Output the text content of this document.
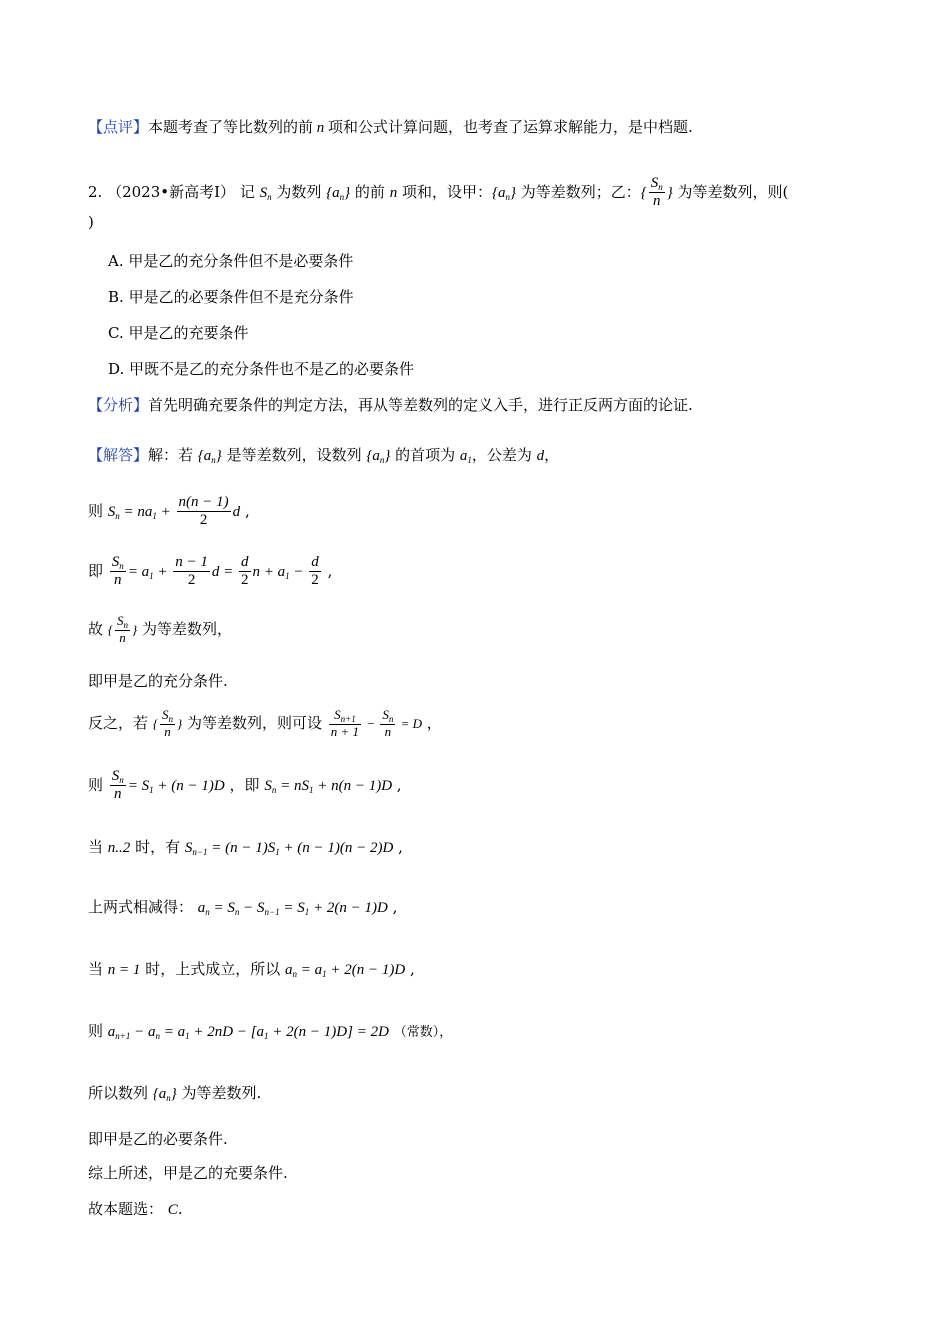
【点评】本题考查了等比数列的前 n 项和公式计算问题，也考查了运算求解能力，是中档题.
2. （2023•新高考Ⅰ） 记 $S_n$ 为数列 $\{a_n\}$ 的前 n 项和，设甲：$\{a_n\}$ 为等差数列；乙：{ $\frac{S_n}{n}$ } 为等差数列，则(
)
A. 甲是乙的充分条件但不是必要条件
B. 甲是乙的必要条件但不是充分条件
C. 甲是乙的充要条件
D. 甲既不是乙的充分条件也不是乙的必要条件
【分析】首先明确充要条件的判定方法，再从等差数列的定义入手，进行正反两方面的论证.
【解答】解：若 $\{a_n\}$ 是等差数列，设数列 $\{a_n\}$ 的首项为 $a_1$，公差为 d，
则 $S_n = na_1 + \frac{n(n - 1)}{2}$ d ,
即 $\frac{S_n}{n} = a_1 + \frac{n - 1}{2}$ $d = \frac{d}{2}$ $n + a_1 - \frac{d}{2}$ ,
故 { $\frac{S_n}{n}$ } 为等差数列，
即甲是乙的充分条件.
反之，若 { $\frac{S_n}{n}$ } 为等差数列，则可设 $\frac{S_{n+1}}{n + 1} - \frac{S_n}{n} = D$ ，
则 $\frac{S_n}{n} = S_1 + (n - 1)D$ ，即 $S_n = nS_1 + n(n - 1)D$ ,
当 n..2 时，有 $S_{n-1} = (n - 1)S_1 + (n - 1)(n - 2)D$ ,
上两式相减得： $a_n = S_n - S_{n-1} = S_1 + 2(n - 1)D$ ,
当 n = 1 时，上式成立，所以 $a_n = a_1 + 2(n - 1)D$ ,
则 $a_{n+1} - a_n = a_1 + 2nD - [a_1 + 2(n - 1)D] = 2D$ （常数），
所以数列 $\{a_n\}$ 为等差数列.
即甲是乙的必要条件.
综上所述，甲是乙的充要条件.
故本题选： C.
